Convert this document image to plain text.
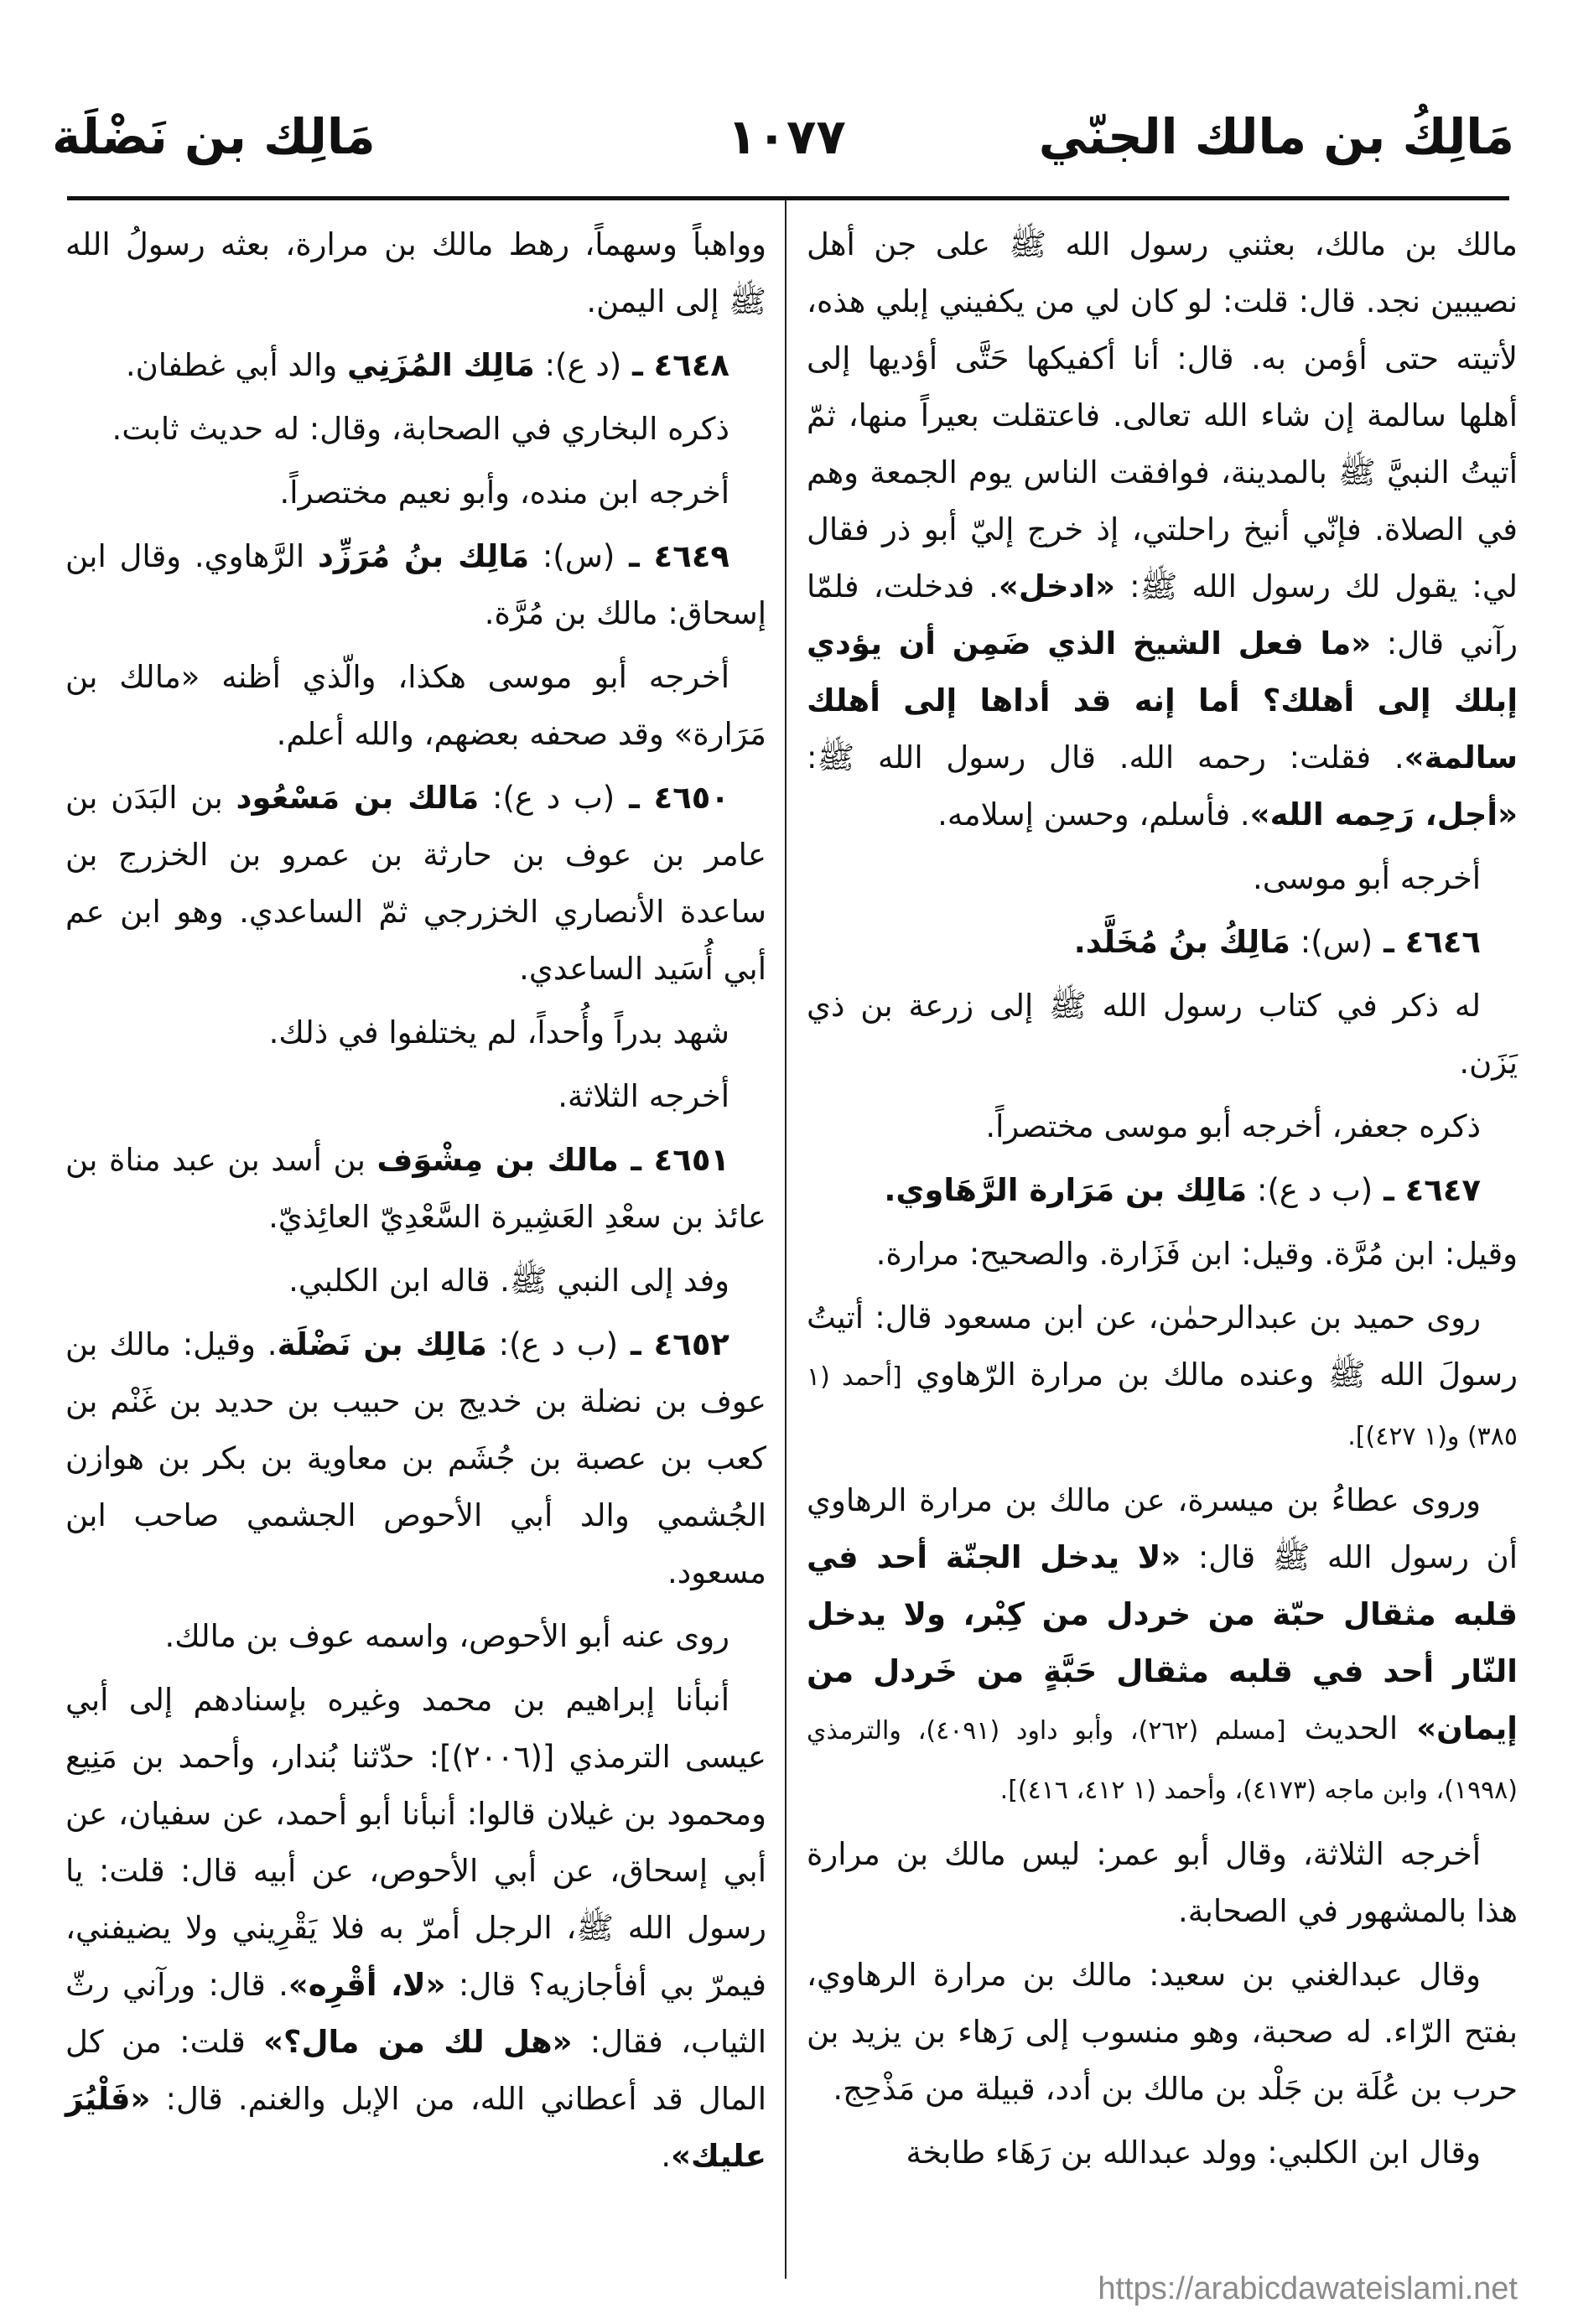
مَالِكُ بن مالك الجنّي
١٠٧٧
مَالِك بن نَضْلَة

مالك بن مالك، بعثني رسول الله ﷺ على جن أهل نصيبين نجد. قال: قلت: لو كان لي من يكفيني إبلي هذه، لأتيته حتى أؤمن به. قال: أنا أكفيكها حَتَّى أؤديها إلى أهلها سالمة إن شاء الله تعالى. فاعتقلت بعيراً منها، ثمّ أتيتُ النبيَّ ﷺ بالمدينة، فوافقت الناس يوم الجمعة وهم في الصلاة. فإنّي أنيخ راحلتي، إذ خرج إليّ أبو ذر فقال لي: يقول لك رسول الله ﷺ: «ادخل». فدخلت، فلمّا رآني قال: «ما فعل الشيخ الذي ضَمِن أن يؤدي إبلك إلى أهلك؟ أما إنه قد أداها إلى أهلك سالمة». فقلت: رحمه الله. قال رسول الله ﷺ: «أجل، رَحِمه الله». فأسلم، وحسن إسلامه.

أخرجه أبو موسى.

٤٦٤٦ ـ (س): مَالِكُ بنُ مُخَلَّد.

له ذكر في كتاب رسول الله ﷺ إلى زرعة بن ذي يَزَن.

ذكره جعفر، أخرجه أبو موسى مختصراً.

٤٦٤٧ ـ (ب د ع): مَالِك بن مَرَارة الرَّهَاوي.

وقيل: ابن مُرَّة. وقيل: ابن فَزَارة. والصحيح: مرارة.

روى حميد بن عبدالرحمٰن، عن ابن مسعود قال: أتيتُ رسولَ الله ﷺ وعنده مالك بن مرارة الرّهاوي [أحمد (١ ٣٨٥) و(١ ٤٢٧)].

وروى عطاءُ بن ميسرة، عن مالك بن مرارة الرهاوي أن رسول الله ﷺ قال: «لا يدخل الجنّة أحد في قلبه مثقال حبّة من خردل من كِبْر، ولا يدخل النّار أحد في قلبه مثقال حَبَّةٍ من خَردل من إيمان» الحديث [مسلم (٢٦٢)، وأبو داود (٤٠٩١)، والترمذي (١٩٩٨)، وابن ماجه (٤١٧٣)، وأحمد (١ ٤١٢، ٤١٦)].

أخرجه الثلاثة، وقال أبو عمر: ليس مالك بن مرارة هذا بالمشهور في الصحابة.

وقال عبدالغني بن سعيد: مالك بن مرارة الرهاوي، بفتح الرّاء. له صحبة، وهو منسوب إلى رَهاء بن يزيد بن حرب بن عُلَة بن جَلْد بن مالك بن أدد، قبيلة من مَذْحِج.

وقال ابن الكلبي: وولد عبدالله بن رَهَاء طابخة

وواهباً وسهماً، رهط مالك بن مرارة، بعثه رسولُ الله ﷺ إلى اليمن.

٤٦٤٨ ـ (د ع): مَالِك المُزَنِي والد أبي غطفان.

ذكره البخاري في الصحابة، وقال: له حديث ثابت.

أخرجه ابن منده، وأبو نعيم مختصراً.

٤٦٤٩ ـ (س): مَالِك بنُ مُرَزِّد الرَّهاوي. وقال ابن إسحاق: مالك بن مُرَّة.

أخرجه أبو موسى هكذا، والّذي أظنه «مالك بن مَرَارة» وقد صحفه بعضهم، والله أعلم.

٤٦٥٠ ـ (ب د ع): مَالك بن مَسْعُود بن البَدَن بن عامر بن عوف بن حارثة بن عمرو بن الخزرج بن ساعدة الأنصاري الخزرجي ثمّ الساعدي. وهو ابن عم أبي أُسَيد الساعدي.

شهد بدراً وأُحداً، لم يختلفوا في ذلك.

أخرجه الثلاثة.

٤٦٥١ ـ مالك بن مِشْوَف بن أسد بن عبد مناة بن عائذ بن سعْدِ العَشِيرة السَّعْدِيّ العائِذيّ.

وفد إلى النبي ﷺ. قاله ابن الكلبي.

٤٦٥٢ ـ (ب د ع): مَالِك بن نَضْلَة. وقيل: مالك بن عوف بن نضلة بن خديج بن حبيب بن حديد بن غَنْم بن كعب بن عصبة بن جُشَم بن معاوية بن بكر بن هوازن الجُشمي والد أبي الأحوص الجشمي صاحب ابن مسعود.

روى عنه أبو الأحوص، واسمه عوف بن مالك.

أنبأنا إبراهيم بن محمد وغيره بإسنادهم إلى أبي عيسى الترمذي [(٢٠٠٦)]: حدّثنا بُندار، وأحمد بن مَنِيع ومحمود بن غيلان قالوا: أنبأنا أبو أحمد، عن سفيان، عن أبي إسحاق، عن أبي الأحوص، عن أبيه قال: قلت: يا رسول الله ﷺ، الرجل أمرّ به فلا يَقْرِيني ولا يضيفني، فيمرّ بي أفأجازيه؟ قال: «لا، أقْرِه». قال: ورآني رثّ الثياب، فقال: «هل لك من مال؟» قلت: من كل المال قد أعطاني الله، من الإبل والغنم. قال: «فَلْيُرَ عليك».

https://arabicdawateislami.net
